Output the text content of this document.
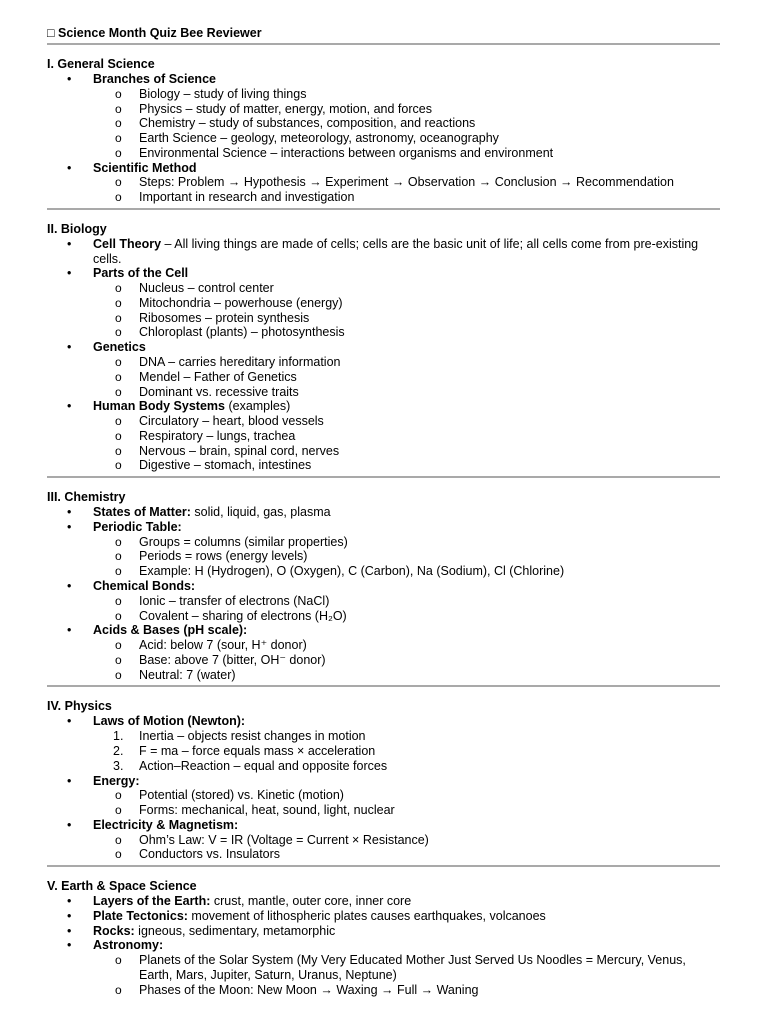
□ Science Month Quiz Bee Reviewer
I. General Science
• Branches of Science
o Biology – study of living things
o Physics – study of matter, energy, motion, and forces
o Chemistry – study of substances, composition, and reactions
o Earth Science – geology, meteorology, astronomy, oceanography
o Environmental Science – interactions between organisms and environment
• Scientific Method
o Steps: Problem → Hypothesis → Experiment → Observation → Conclusion → Recommendation
o Important in research and investigation
II. Biology
• Cell Theory – All living things are made of cells; cells are the basic unit of life; all cells come from pre-existing cells.
• Parts of the Cell
o Nucleus – control center
o Mitochondria – powerhouse (energy)
o Ribosomes – protein synthesis
o Chloroplast (plants) – photosynthesis
• Genetics
o DNA – carries hereditary information
o Mendel – Father of Genetics
o Dominant vs. recessive traits
• Human Body Systems (examples)
o Circulatory – heart, blood vessels
o Respiratory – lungs, trachea
o Nervous – brain, spinal cord, nerves
o Digestive – stomach, intestines
III. Chemistry
• States of Matter: solid, liquid, gas, plasma
• Periodic Table:
o Groups = columns (similar properties)
o Periods = rows (energy levels)
o Example: H (Hydrogen), O (Oxygen), C (Carbon), Na (Sodium), Cl (Chlorine)
• Chemical Bonds:
o Ionic – transfer of electrons (NaCl)
o Covalent – sharing of electrons (H₂O)
• Acids & Bases (pH scale):
o Acid: below 7 (sour, H⁺ donor)
o Base: above 7 (bitter, OH⁻ donor)
o Neutral: 7 (water)
IV. Physics
• Laws of Motion (Newton):
1. Inertia – objects resist changes in motion
2. F = ma – force equals mass × acceleration
3. Action–Reaction – equal and opposite forces
• Energy:
o Potential (stored) vs. Kinetic (motion)
o Forms: mechanical, heat, sound, light, nuclear
• Electricity & Magnetism:
o Ohm’s Law: V = IR (Voltage = Current × Resistance)
o Conductors vs. Insulators
V. Earth & Space Science
• Layers of the Earth: crust, mantle, outer core, inner core
• Plate Tectonics: movement of lithospheric plates causes earthquakes, volcanoes
• Rocks: igneous, sedimentary, metamorphic
• Astronomy:
o Planets of the Solar System (My Very Educated Mother Just Served Us Noodles = Mercury, Venus, Earth, Mars, Jupiter, Saturn, Uranus, Neptune)
o Phases of the Moon: New Moon → Waxing → Full → Waning
